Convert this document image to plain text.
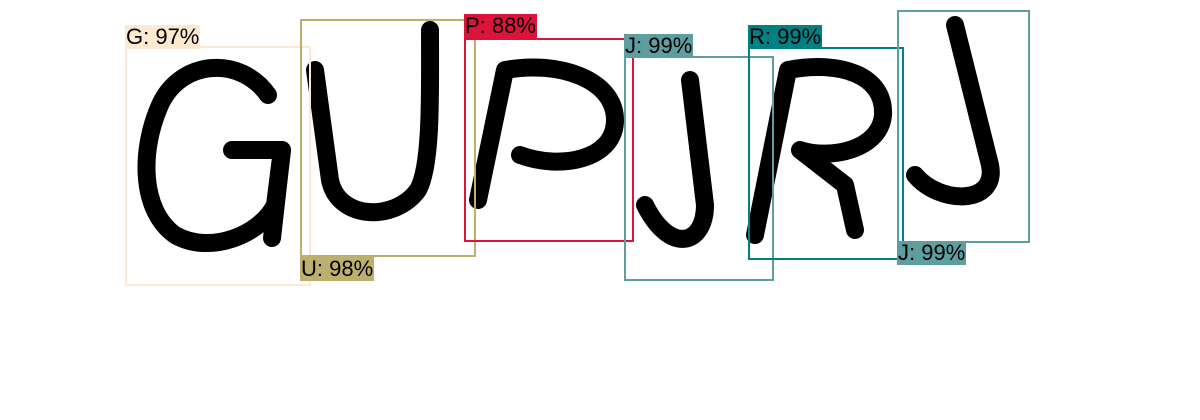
G: 97%
U: 98%
P: 88%
J: 99%	R: 99%
J: 99%
